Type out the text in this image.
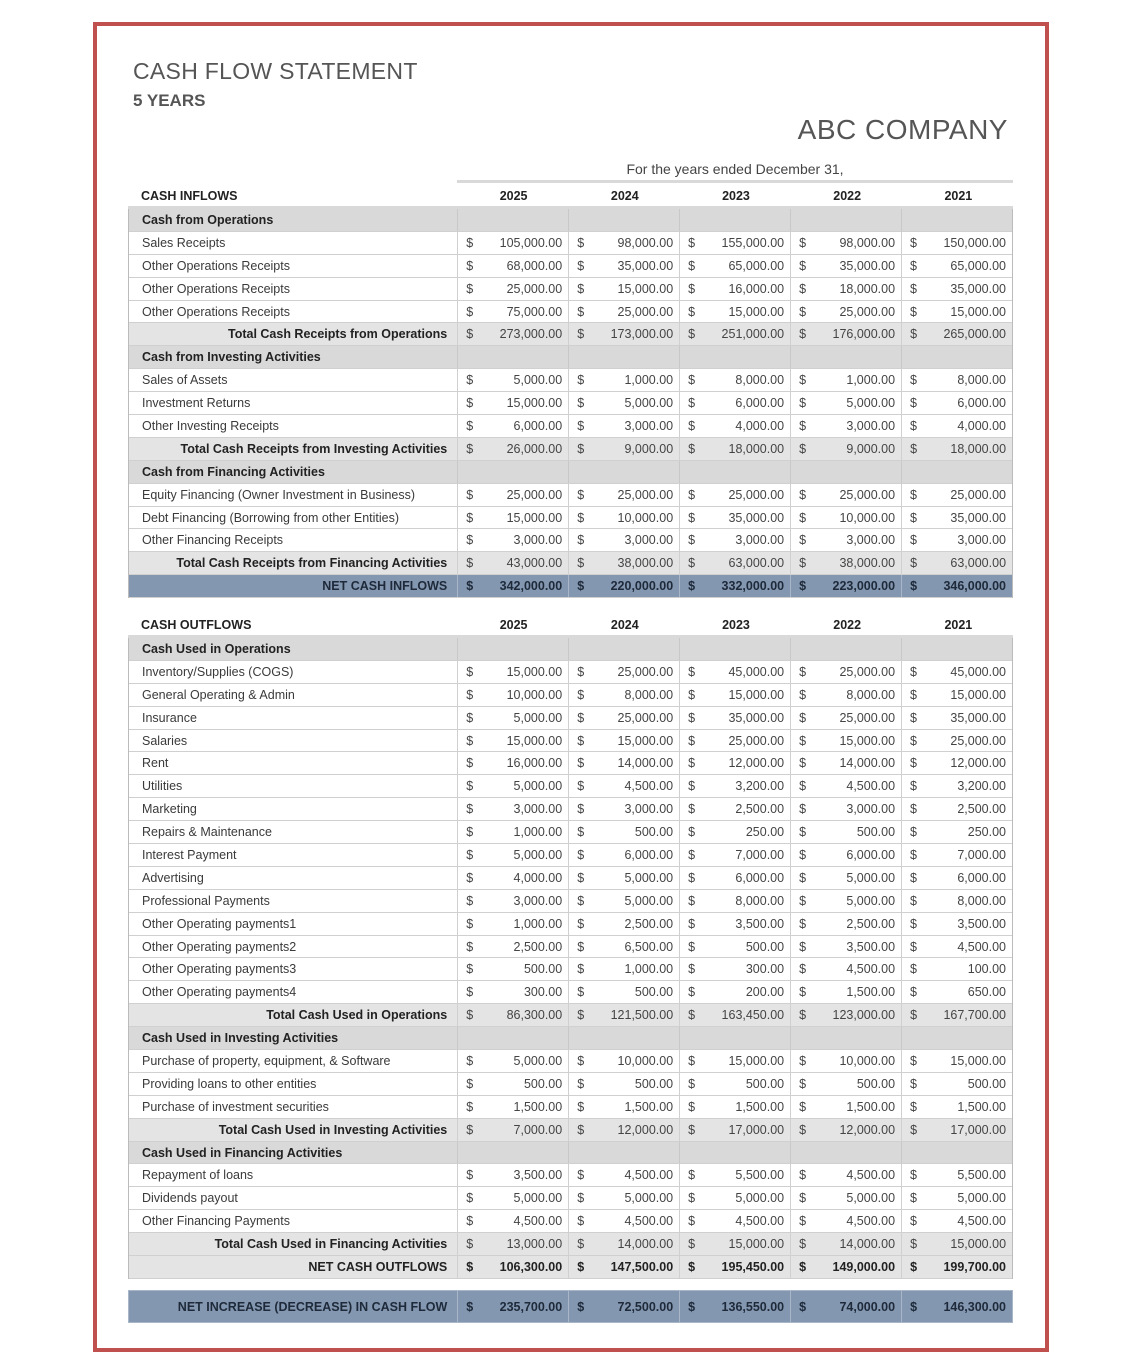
CASH FLOW STATEMENT
5 YEARS
ABC COMPANY
For the years ended December 31,
CASH INFLOWS	2025	2024	2023	2022	2021
Cash from Operations
Sales Receipts	$ 105,000.00 $	98,000.00 $ 155,000.00 $	98,000.00 $ 150,000.00
Other Operations Receipts	$	68,000.00 $	35,000.00 $	65,000.00 $	35,000.00 $	65,000.00
Other Operations Receipts	$	25,000.00 $	15,000.00 $	16,000.00 $	18,000.00 $	35,000.00
Other Operations Receipts	$	75,000.00 $	25,000.00 $	15,000.00 $	25,000.00 $	15,000.00
Total Cash Receipts from Operations	$ 273,000.00 $ 173,000.00 $ 251,000.00 $ 176,000.00 $ 265,000.00
Cash from Investing Activities
Sales of Assets	$	5,000.00 $	1,000.00 $	8,000.00 $	1,000.00 $	8,000.00
Investment Returns	$	15,000.00 $	5,000.00 $	6,000.00 $	5,000.00 $	6,000.00
Other Investing Receipts	$	6,000.00 $	3,000.00 $	4,000.00 $	3,000.00 $	4,000.00
Total Cash Receipts from Investing Activities	$	26,000.00 $	9,000.00 $	18,000.00 $	9,000.00 $	18,000.00
Cash from Financing Activities
Equity Financing (Owner Investment in Business)	$	25,000.00 $	25,000.00 $	25,000.00 $	25,000.00 $	25,000.00
Debt Financing (Borrowing from other Entities)	$	15,000.00 $	10,000.00 $	35,000.00 $	10,000.00 $	35,000.00
Other Financing Receipts	$	3,000.00 $	3,000.00 $	3,000.00 $	3,000.00 $	3,000.00
Total Cash Receipts from Financing Activities	$	43,000.00 $	38,000.00 $	63,000.00 $	38,000.00 $	63,000.00
NET CASH INFLOWS	$ 342,000.00 $ 220,000.00 $ 332,000.00 $ 223,000.00 $ 346,000.00
CASH OUTFLOWS	2025	2024	2023	2022	2021
Cash Used in Operations
Inventory/Supplies (COGS)	$	15,000.00 $	25,000.00 $	45,000.00 $	25,000.00 $	45,000.00
General Operating & Admin	$	10,000.00 $	8,000.00 $	15,000.00 $	8,000.00 $	15,000.00
Insurance	$	5,000.00 $	25,000.00 $	35,000.00 $	25,000.00 $	35,000.00
Salaries	$	15,000.00 $	15,000.00 $	25,000.00 $	15,000.00 $	25,000.00
Rent	$	16,000.00 $	14,000.00 $	12,000.00 $	14,000.00 $	12,000.00
Utilities	$	5,000.00 $	4,500.00 $	3,200.00 $	4,500.00 $	3,200.00
Marketing	$	3,000.00 $	3,000.00 $	2,500.00 $	3,000.00 $	2,500.00
Repairs & Maintenance	$	1,000.00 $	500.00 $	250.00 $	500.00 $	250.00
Interest Payment	$	5,000.00 $	6,000.00 $	7,000.00 $	6,000.00 $	7,000.00
Advertising	$	4,000.00 $	5,000.00 $	6,000.00 $	5,000.00 $	6,000.00
Professional Payments	$	3,000.00 $	5,000.00 $	8,000.00 $	5,000.00 $	8,000.00
Other Operating payments1	$	1,000.00 $	2,500.00 $	3,500.00 $	2,500.00 $	3,500.00
Other Operating payments2	$	2,500.00 $	6,500.00 $	500.00 $	3,500.00 $	4,500.00
Other Operating payments3	$	500.00 $	1,000.00 $	300.00 $	4,500.00 $	100.00
Other Operating payments4	$	300.00 $	500.00 $	200.00 $	1,500.00 $	650.00
Total Cash Used in Operations	$	86,300.00 $ 121,500.00 $ 163,450.00 $ 123,000.00 $ 167,700.00
Cash Used in Investing Activities
Purchase of property, equipment, & Software	$	5,000.00 $	10,000.00 $	15,000.00 $	10,000.00 $	15,000.00
Providing loans to other entities	$	500.00 $	500.00 $	500.00 $	500.00 $	500.00
Purchase of investment securities	$	1,500.00 $	1,500.00 $	1,500.00 $	1,500.00 $	1,500.00
Total Cash Used in Investing Activities	$	7,000.00 $	12,000.00 $	17,000.00 $	12,000.00 $	17,000.00
Cash Used in Financing Activities
Repayment of loans	$	3,500.00 $	4,500.00 $	5,500.00 $	4,500.00 $	5,500.00
Dividends payout	$	5,000.00 $	5,000.00 $	5,000.00 $	5,000.00 $	5,000.00
Other Financing Payments	$	4,500.00 $	4,500.00 $	4,500.00 $	4,500.00 $	4,500.00
Total Cash Used in Financing Activities	$	13,000.00 $	14,000.00 $	15,000.00 $	14,000.00 $	15,000.00
NET CASH OUTFLOWS	$ 106,300.00 $ 147,500.00 $ 195,450.00 $ 149,000.00 $ 199,700.00
NET INCREASE (DECREASE) IN CASH FLOW	$ 235,700.00 $	72,500.00 $ 136,550.00 $	74,000.00 $ 146,300.00
